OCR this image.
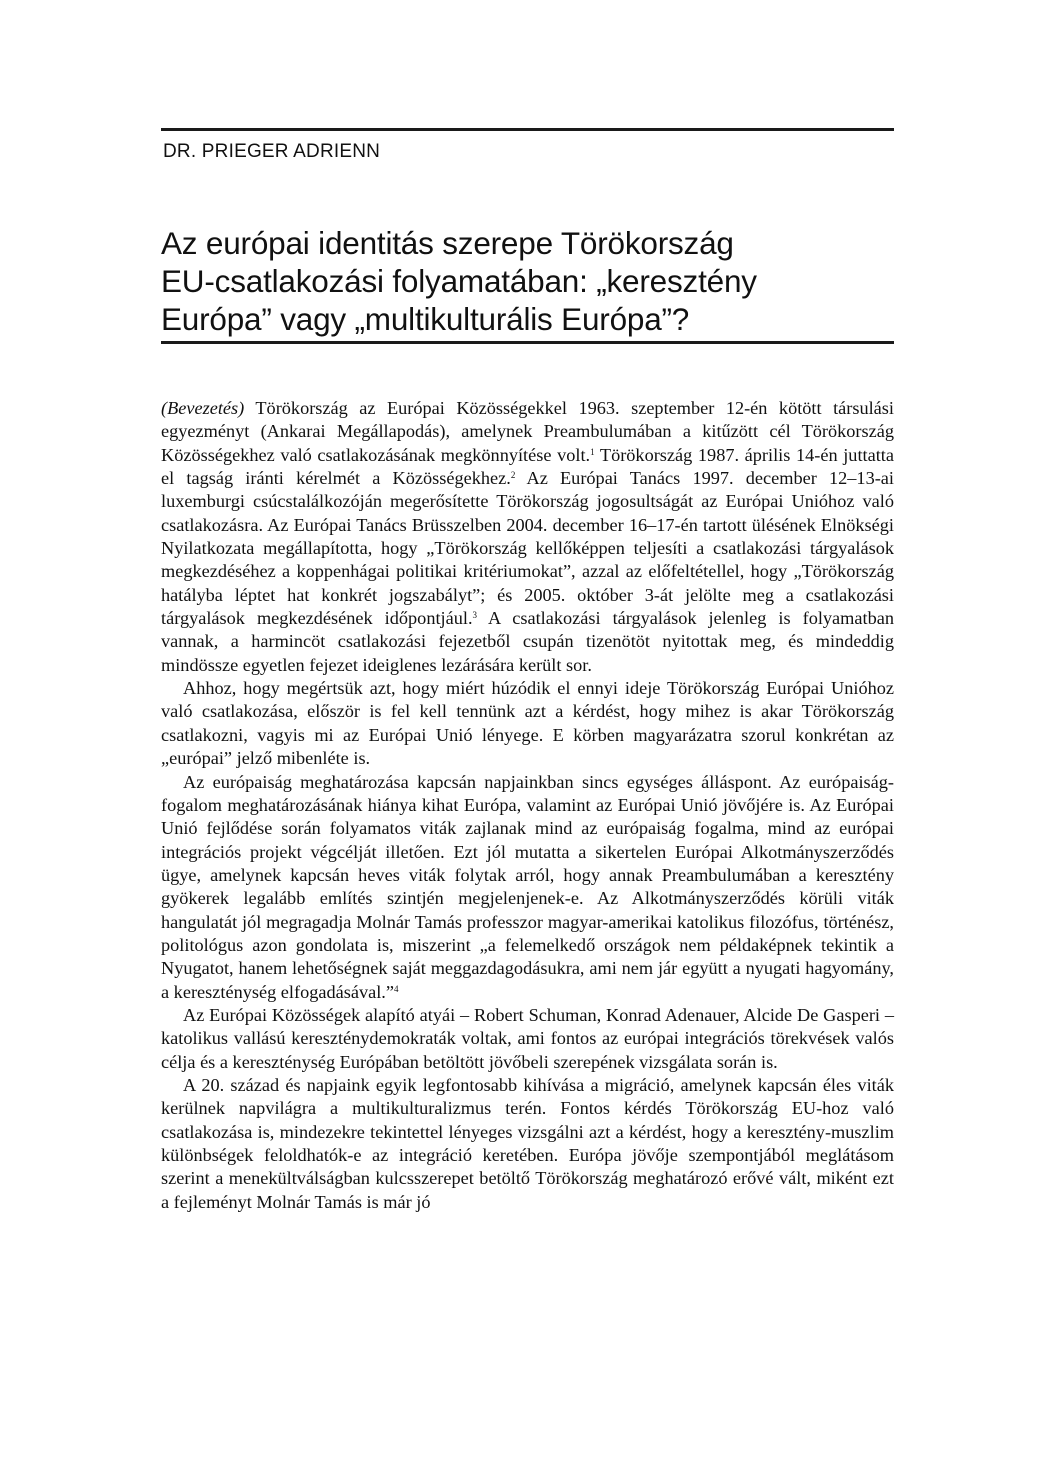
DR. PRIEGER ADRIENN
Az európai identitás szerepe Törökország
EU-csatlakozási folyamatában: „keresztény
Európa” vagy „multikulturális Európa”?

(Bevezetés) Törökország az Európai Közösségekkel 1963. szeptember 12-én kötött társulási egyezményt (Ankarai Megállapodás), amelynek Preambulumában a kitűzött cél Törökország Közösségekhez való csatlakozásának megkönnyítése volt.$^1$ Törökország 1987. április 14-én juttatta el tagság iránti kérelmét a Közösségekhez.$^2$ Az Európai Tanács 1997. december 12–13-ai luxemburgi csúcstalálkozóján megerősítette Törökország jogosultságát az Európai Unióhoz való csatlakozásra. Az Európai Tanács Brüsszelben 2004. december 16–17-én tartott ülésének Elnökségi Nyilatkozata megállapította, hogy „Törökország kellőképpen teljesíti a csatlakozási tárgyalások megkezdéséhez a koppenhágai politikai kritériumokat”, azzal az előfeltétellel, hogy „Törökország hatályba léptet hat konkrét jogszabályt”; és 2005. október 3-át jelölte meg a csatlakozási tárgyalások megkezdésének időpontjául.$^3$ A csatlakozási tárgyalások jelenleg is folyamatban vannak, a harmincöt csatlakozási fejezetből csupán tizenötöt nyitottak meg, és mindeddig mindössze egyetlen fejezet ideiglenes lezárására került sor.

Ahhoz, hogy megértsük azt, hogy miért húzódik el ennyi ideje Törökország Európai Unióhoz való csatlakozása, először is fel kell tennünk azt a kérdést, hogy mihez is akar Törökország csatlakozni, vagyis mi az Európai Unió lényege. E körben magyarázatra szorul konkrétan az „európai” jelző mibenléte is.

Az európaiság meghatározása kapcsán napjainkban sincs egységes álláspont. Az európaiság-fogalom meghatározásának hiánya kihat Európa, valamint az Európai Unió jövőjére is. Az Európai Unió fejlődése során folyamatos viták zajlanak mind az európaiság fogalma, mind az európai integrációs projekt végcélját illetően. Ezt jól mutatta a sikertelen Európai Alkotmányszerződés ügye, amelynek kapcsán heves viták folytak arról, hogy annak Preambulumában a keresztény gyökerek legalább említés szintjén megjelenjenek-e. Az Alkotmányszerződés körüli viták hangulatát jól megragadja Molnár Tamás professzor magyar-amerikai katolikus filozófus, történész, politológus azon gondolata is, miszerint „a felemelkedő országok nem példaképnek tekintik a Nyugatot, hanem lehetőségnek saját meggazdagodásukra, ami nem jár együtt a nyugati hagyomány, a kereszténység elfogadásával.”$^4$

Az Európai Közösségek alapító atyái – Robert Schuman, Konrad Adenauer, Alcide De Gasperi – katolikus vallású kereszténydemokraták voltak, ami fontos az európai integrációs törekvések valós célja és a kereszténység Európában betöltött jövőbeli szerepének vizsgálata során is.

A 20. század és napjaink egyik legfontosabb kihívása a migráció, amelynek kapcsán éles viták kerülnek napvilágra a multikulturalizmus terén. Fontos kérdés Törökország EU-hoz való csatlakozása is, mindezekre tekintettel lényeges vizsgálni azt a kérdést, hogy a keresztény-muszlim különbségek feloldhatók-e az integráció keretében. Európa jövője szempontjából meglátásom szerint a menekültválságban kulcsszerepet betöltő Törökország meghatározó erővé vált, miként ezt a fejleményt Molnár Tamás is már jó
